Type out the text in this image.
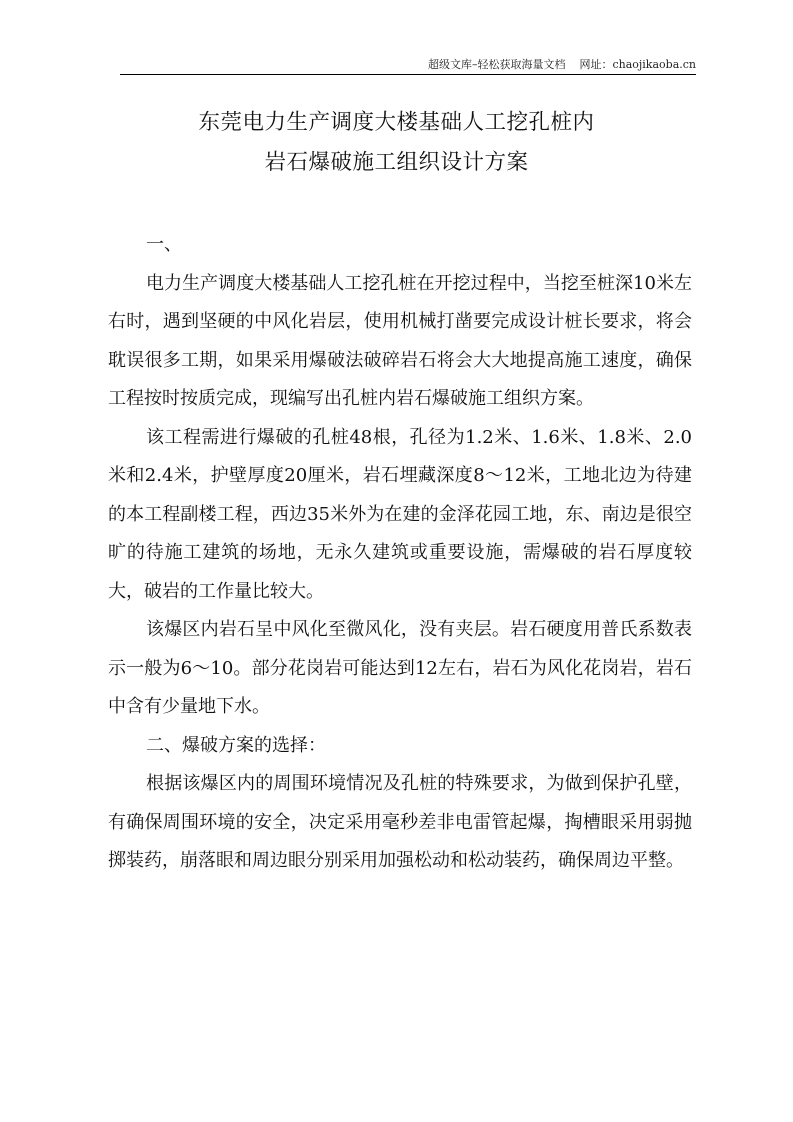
超级文库–轻松获取海量文档 网址：chaojikaoba.cn
东莞电力生产调度大楼基础人工挖孔桩内
岩石爆破施工组织设计方案

一、

电力生产调度大楼基础人工挖孔桩在开挖过程中，当挖至桩深10米左右时，遇到坚硬的中风化岩层，使用机械打凿要完成设计桩长要求，将会耽误很多工期，如果采用爆破法破碎岩石将会大大地提高施工速度，确保工程按时按质完成，现编写出孔桩内岩石爆破施工组织方案。

该工程需进行爆破的孔桩48根，孔径为1.2米、1.6米、1.8米、2.0米和2.4米，护壁厚度20厘米，岩石埋藏深度8～12米，工地北边为待建的本工程副楼工程，西边35米外为在建的金泽花园工地，东、南边是很空旷的待施工建筑的场地，无永久建筑或重要设施，需爆破的岩石厚度较大，破岩的工作量比较大。

该爆区内岩石呈中风化至微风化，没有夹层。岩石硬度用普氏系数表示一般为6～10。部分花岗岩可能达到12左右，岩石为风化花岗岩，岩石中含有少量地下水。

二、爆破方案的选择：

根据该爆区内的周围环境情况及孔桩的特殊要求，为做到保护孔壁，有确保周围环境的安全，决定采用毫秒差非电雷管起爆，掏槽眼采用弱抛掷装药，崩落眼和周边眼分别采用加强松动和松动装药，确保周边平整。
